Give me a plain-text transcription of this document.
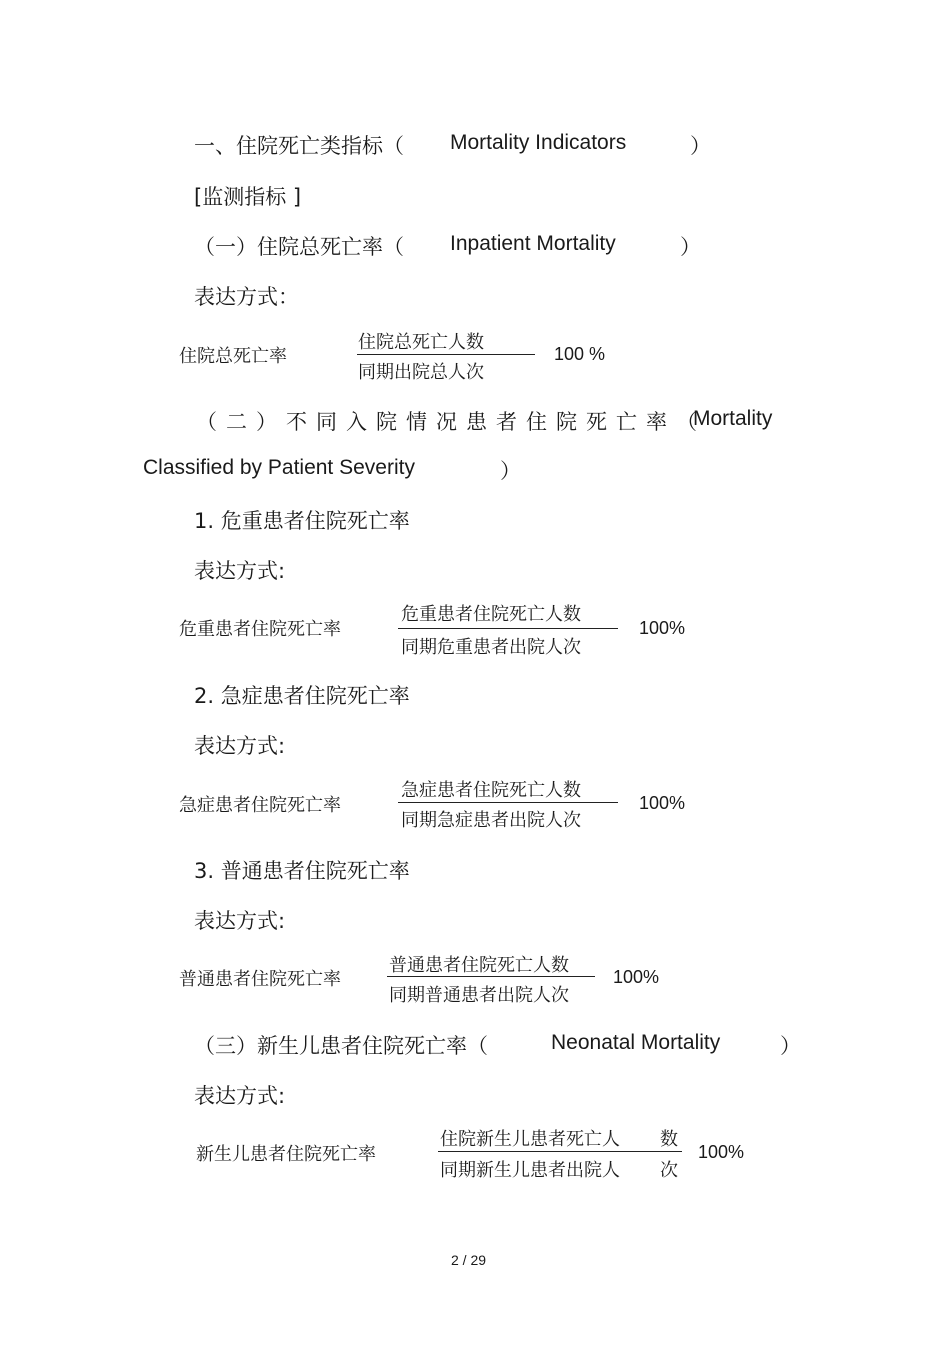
一、住院死亡类指标（ Mortality Indicators	）
[监测指标 ]
（一）住院总死亡率（ Inpatient Mortality	）
表达方式：
住院总死亡率
住院总死亡人数
同期出院总人次
100 %
（二）不同入院情况患者住院死亡率（
Mortality
Classified by Patient Severity	）
1. 危重患者住院死亡率
表达方式:
危重患者住院死亡率
危重患者住院死亡人数
同期危重患者出院人次
100%
2. 急症患者住院死亡率
表达方式:
急症患者住院死亡率
急症患者住院死亡人数
同期急症患者出院人次
100%
3. 普通患者住院死亡率
表达方式:
普通患者住院死亡率
普通患者住院死亡人数
同期普通患者出院人次
100%
（三）新生儿患者住院死亡率（	Neonatal Mortality	）
表达方式:
新生儿患者住院死亡率
住院新生儿患者死亡人 数
同期新生儿患者出院人 次
100%
2 / 29
